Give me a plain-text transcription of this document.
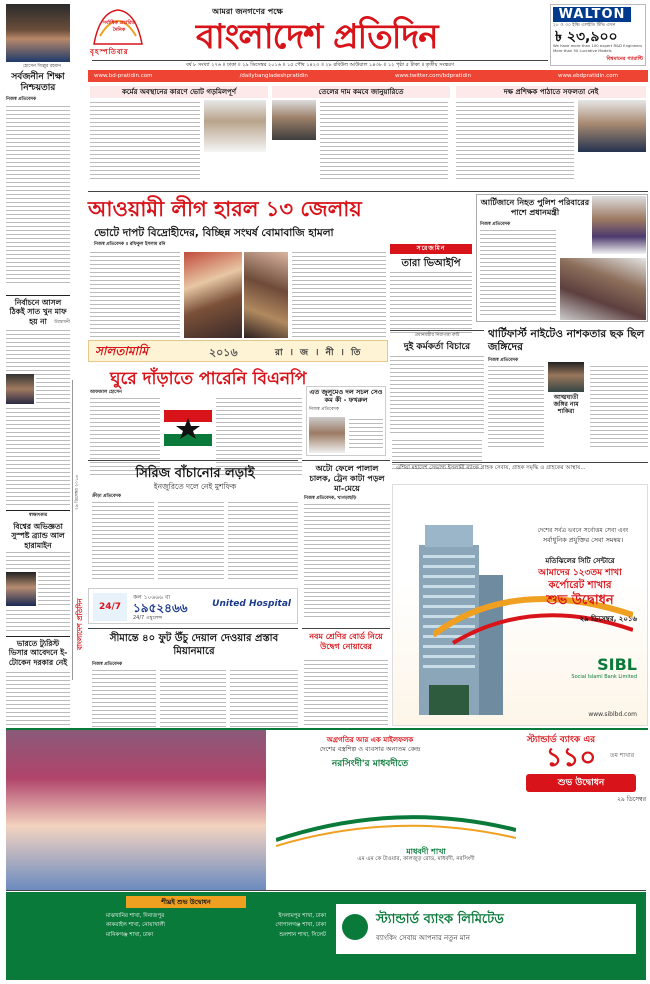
হোসেন জিল্লুর রহমান
সর্বজনীন শিক্ষা নিশ্চয়তার
নিজস্ব প্রতিবেদক
নির্বাচনে আসল ঠিকই সাত খুন মাফ হয় না	উদ্বোধনী
স্বাক্ষাৎকার
বিশ্বের অভিজ্ঞতা সুস্পষ্ট ব্র্যান্ড আল হারামাইন
ভারতে ট্যুরিস্ট ভিসার আবেদনে ই-টোকেন দরকার নেই
২৯ ডিসেম্বর ২০১৬
বাংলাদেশ প্রতিদিন
সর্বাধিক প্রচারিত দৈনিক
বৃহস্পতিবার
আমরা জনগণের পক্ষে
বাংলাদেশ প্রতিদিন
বর্ষ ৮ সংখ্যা ২৭৬ ॥ ঢাকা ॥ ২৯ ডিসেম্বর ২০১৬ ॥ ১৫ পৌষ ১৪২৩ ॥ ২৮ রবিউল আউয়াল ১৪৩৮ ॥ ১২ পৃষ্ঠা ৫ টাকা ॥ তৃতীয় সংস্করণ
WALTON
২৮ ও ৩০ ইঞ্চি এলইডি টিভি এখন
৳ ২৩,৯০০
We have more than 100 expert R&D Engineers
More than 50 Lucrative Models
বিশ্বমানের গ্যারান্টি
www.bd-pratidin.com	/dailybangladeshpratidin	www.twitter.com/bdpratidin	www.ebdpratidin.com
কর্মের অবস্থানের কারণে ভোট গড়মিলপূর্ণ	তেলের দাম কমবে জানুয়ারিতে	দক্ষ প্রশিক্ষক পাঠাতে সফলতা নেই
আওয়ামী লীগ হারল ১৩ জেলায়
ভোটে দাপট বিদ্রোহীদের, বিচ্ছিন্ন সংঘর্ষ বোমাবাজি হামলা
নিজস্ব প্রতিবেদক ॥ রফিকুল ইসলাম রনি
সরেজমিন
তারা ভিআইপি
আর্টিজানে নিহত পুলিশ পরিবারের পাশে প্রধানমন্ত্রী
নিজস্ব প্রতিবেদক
প্রধানমন্ত্রীর নিরাপত্তা রুটি
দুই কর্মকর্তা বিচারে
থার্টিফার্স্ট নাইটেও নাশকতার ছক ছিল জঙ্গিদের
নিজস্ব প্রতিবেদক
আত্মঘাতী জঙ্গির নাম শাকিরা
সালতামামি	২০১৬	রা । জ । নী । তি
ঘুরে দাঁড়াতে পারেনি বিএনপি
আফজাল হোসেন	এত জুলুমেও দল সচল সেও কম কী - ফখরুল
নিজস্ব প্রতিবেদক
সিরিজ বাঁচানোর লড়াই
ইনজুরিতে দলে নেই মুশফিক
ক্রীড়া প্রতিবেদক
অটো ফেলে পালাল চালক, ট্রেন কাটা পড়ল মা-মেয়ে
নিজস্ব প্রতিবেদক, খাগড়াছড়ি
24/7
কল ১০৬৬৬ বা
১৯৫২৪৬৬
24/7 এম্বুলেন্স
United Hospital
সীমান্তে ৪০ ফুট উঁচু দেয়াল দেওয়ার প্রস্তাব মিয়ানমারে
নিজস্ব প্রতিবেদক
নবম শ্রেণির বোর্ড নিয়ে উদ্বেগ নোয়াবের
এশিয়া মহাদেশ সেভাগ্য ইসলামী ব্যাংক গ্রাহক সেবায়, গ্রাহক সমৃদ্ধি ও গ্রাহকের আস্থায়...
দেশের সর্বত্র ভবনে সর্বোত্তম সেবা এবং
সর্বাধুনিক প্রযুক্তির সেবা সমন্বয়।
মতিঝিলের সিটি সেন্টারে
আমাদের ১২৩তম শাখা
কর্পোরেট শাখার
শুভ উদ্বোধন
২৯ ডিসেম্বর, ২০১৬
SIBL
Social Islami Bank Limited
www.siblbd.com
অগ্রগতির আর এক মাইলফলক
দেশের বস্ত্রশিল্প ও ব্যবসার অন্যতম কেন্দ্র
নরসিংদী'র মাধবদীতে
স্ট্যান্ডার্ড ব্যাংক এর
১১০	তম শাখার
শুভ উদ্বোধন
২৯ ডিসেম্বর
মাধবদী শাখা
এম এম কে টাওয়ার, কালজুড় রোড, মাধবদী, নরসিংদী
শীঘ্রই শুভ উদ্বোধন
মাঝখানির শাখা, দিনাজপুর	ইসলামপুর শাখা, ঢাকা
কাকরাইল শাখা, নোয়াখালী	গোপালগঞ্জ শাখা, ঢাকা
মানিকগঞ্জ শাখা, ঢাকা	শুলশান শাখা, সিলেট
স্ট্যান্ডার্ড ব্যাংক লিমিটেড
ব্যাংকিং সেবায় আপনার নতুন মান
